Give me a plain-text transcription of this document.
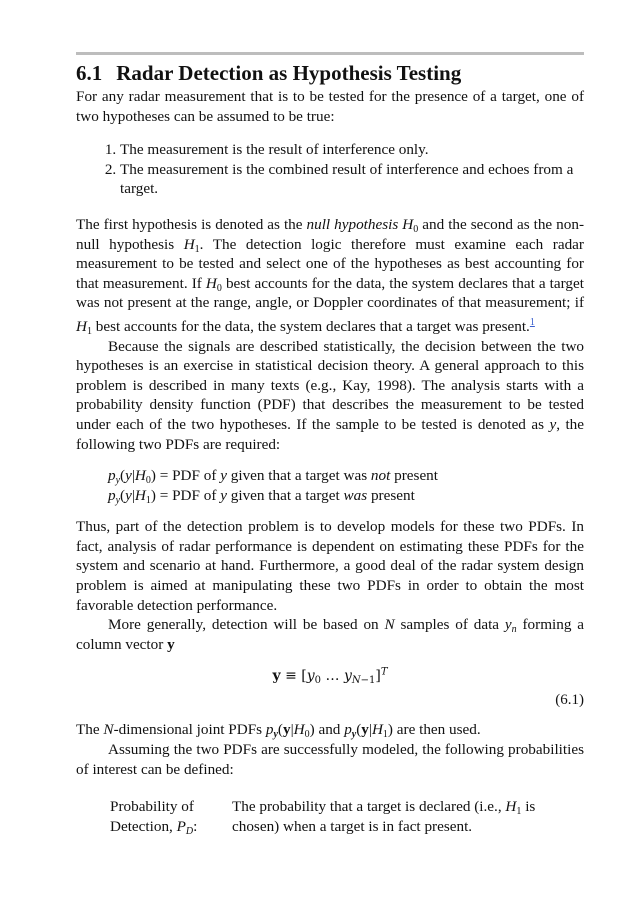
6.1 Radar Detection as Hypothesis Testing

For any radar measurement that is to be tested for the presence of a target, one of two hypotheses can be assumed to be true:

1. The measurement is the result of interference only.
2. The measurement is the combined result of interference and echoes from a target.

The first hypothesis is denoted as the null hypothesis $H_0$ and the second as the non-null hypothesis $H_1$. The detection logic therefore must examine each radar measurement to be tested and select one of the hypotheses as best accounting for that measurement. If $H_0$ best accounts for the data, the system declares that a target was not present at the range, angle, or Doppler coordinates of that measurement; if $H_1$ best accounts for the data, the system declares that a target was present.$^1$

Because the signals are described statistically, the decision between the two hypotheses is an exercise in statistical decision theory. A general approach to this problem is described in many texts (e.g., Kay, 1998). The analysis starts with a probability density function (PDF) that describes the measurement to be tested under each of the two hypotheses. If the sample to be tested is denoted as y, the following two PDFs are required:

$p_y(y|H_0)$ = PDF of y given that a target was not present
$p_y(y|H_1)$ = PDF of y given that a target was present

Thus, part of the detection problem is to develop models for these two PDFs. In fact, analysis of radar performance is dependent on estimating these PDFs for the system and scenario at hand. Furthermore, a good deal of the radar system design problem is aimed at manipulating these two PDFs in order to obtain the most favorable detection performance.

More generally, detection will be based on N samples of data $y_n$ forming a column vector y

$y \equiv [y_0$ … $y_{N-1}]^T$
(6.1)

The N-dimensional joint PDFs $p_y(y|H_0)$ and $p_y(y|H_1)$ are then used.

Assuming the two PDFs are successfully modeled, the following probabilities of interest can be defined:

Probability of
Detection, $P_D$:
The probability that a target is declared (i.e., $H_1$ is chosen) when a target is in fact present.
